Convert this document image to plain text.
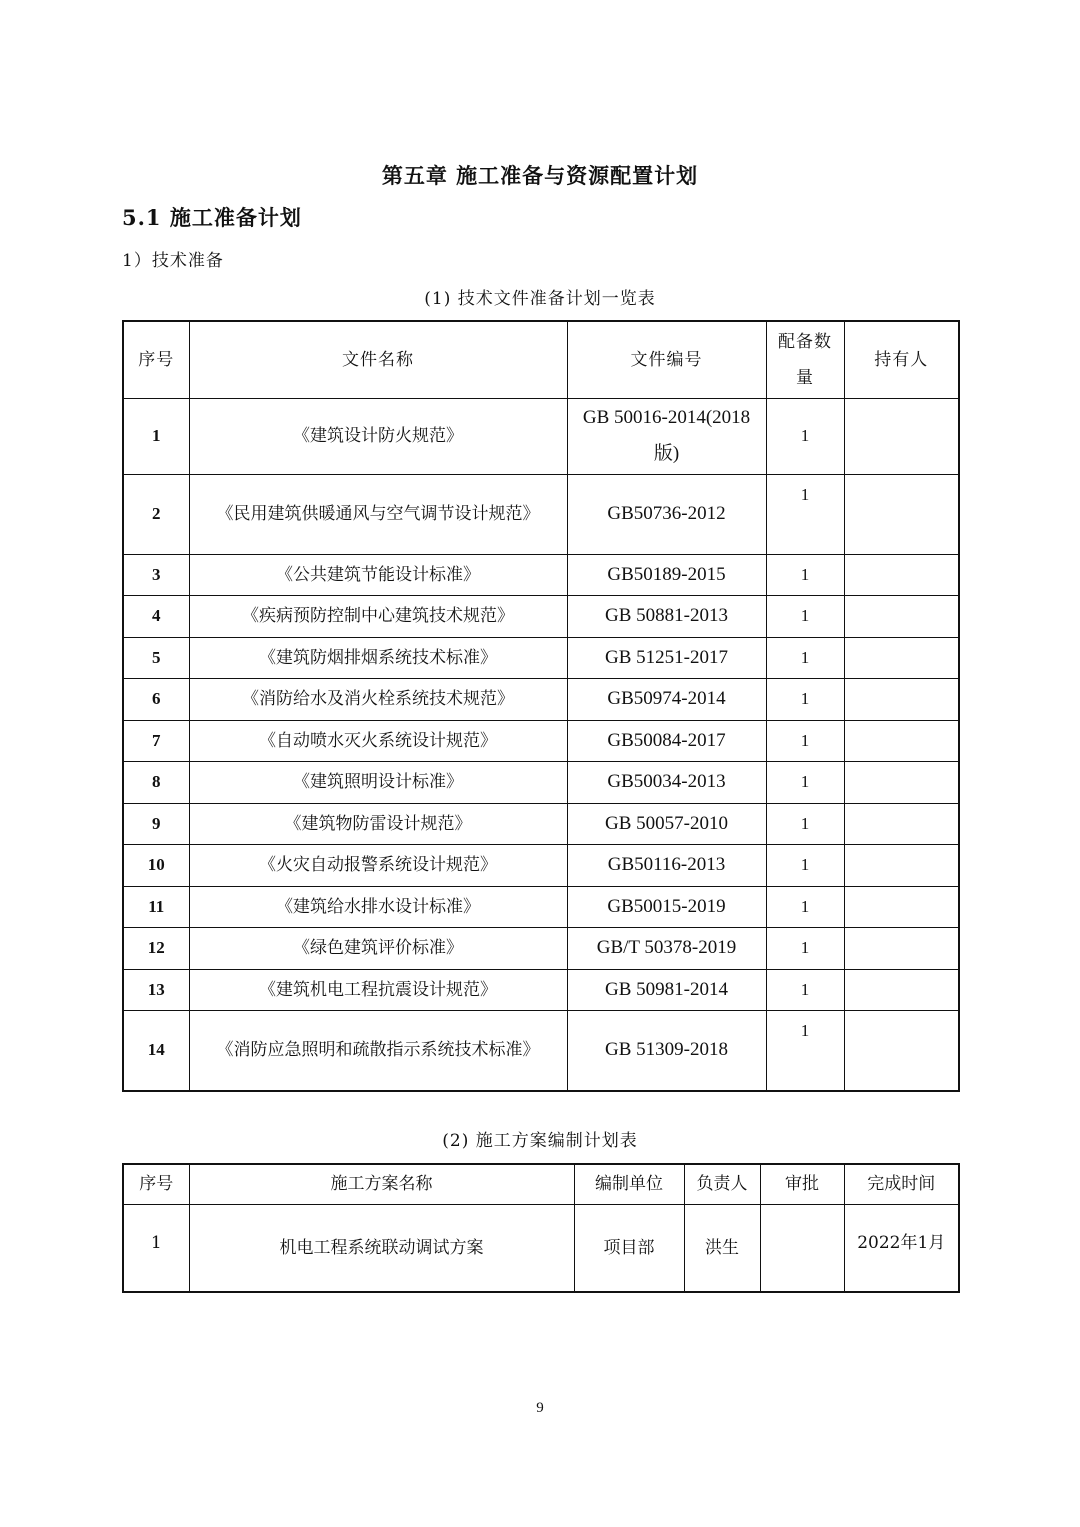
第五章 施工准备与资源配置计划
5.1 施工准备计划
1）技术准备
(1) 技术文件准备计划一览表
序号	文件名称	文件编号	配备数量	持有人
1	《建筑设计防火规范》	GB 50016-2014(2018版)	1	
2	《民用建筑供暖通风与空气调节设计规范》	GB50736-2012	1	
3	《公共建筑节能设计标准》	GB50189-2015	1	
4	《疾病预防控制中心建筑技术规范》	GB 50881-2013	1	
5	《建筑防烟排烟系统技术标准》	GB 51251-2017	1	
6	《消防给水及消火栓系统技术规范》	GB50974-2014	1	
7	《自动喷水灭火系统设计规范》	GB50084-2017	1	
8	《建筑照明设计标准》	GB50034-2013	1	
9	《建筑物防雷设计规范》	GB 50057-2010	1	
10	《火灾自动报警系统设计规范》	GB50116-2013	1	
11	《建筑给水排水设计标准》	GB50015-2019	1	
12	《绿色建筑评价标准》	GB/T 50378-2019	1	
13	《建筑机电工程抗震设计规范》	GB 50981-2014	1	
14	《消防应急照明和疏散指示系统技术标准》	GB 51309-2018	1	
(2) 施工方案编制计划表
序号	施工方案名称	编制单位	负责人	审批	完成时间
1	机电工程系统联动调试方案	项目部	洪生		2022年1月
9
